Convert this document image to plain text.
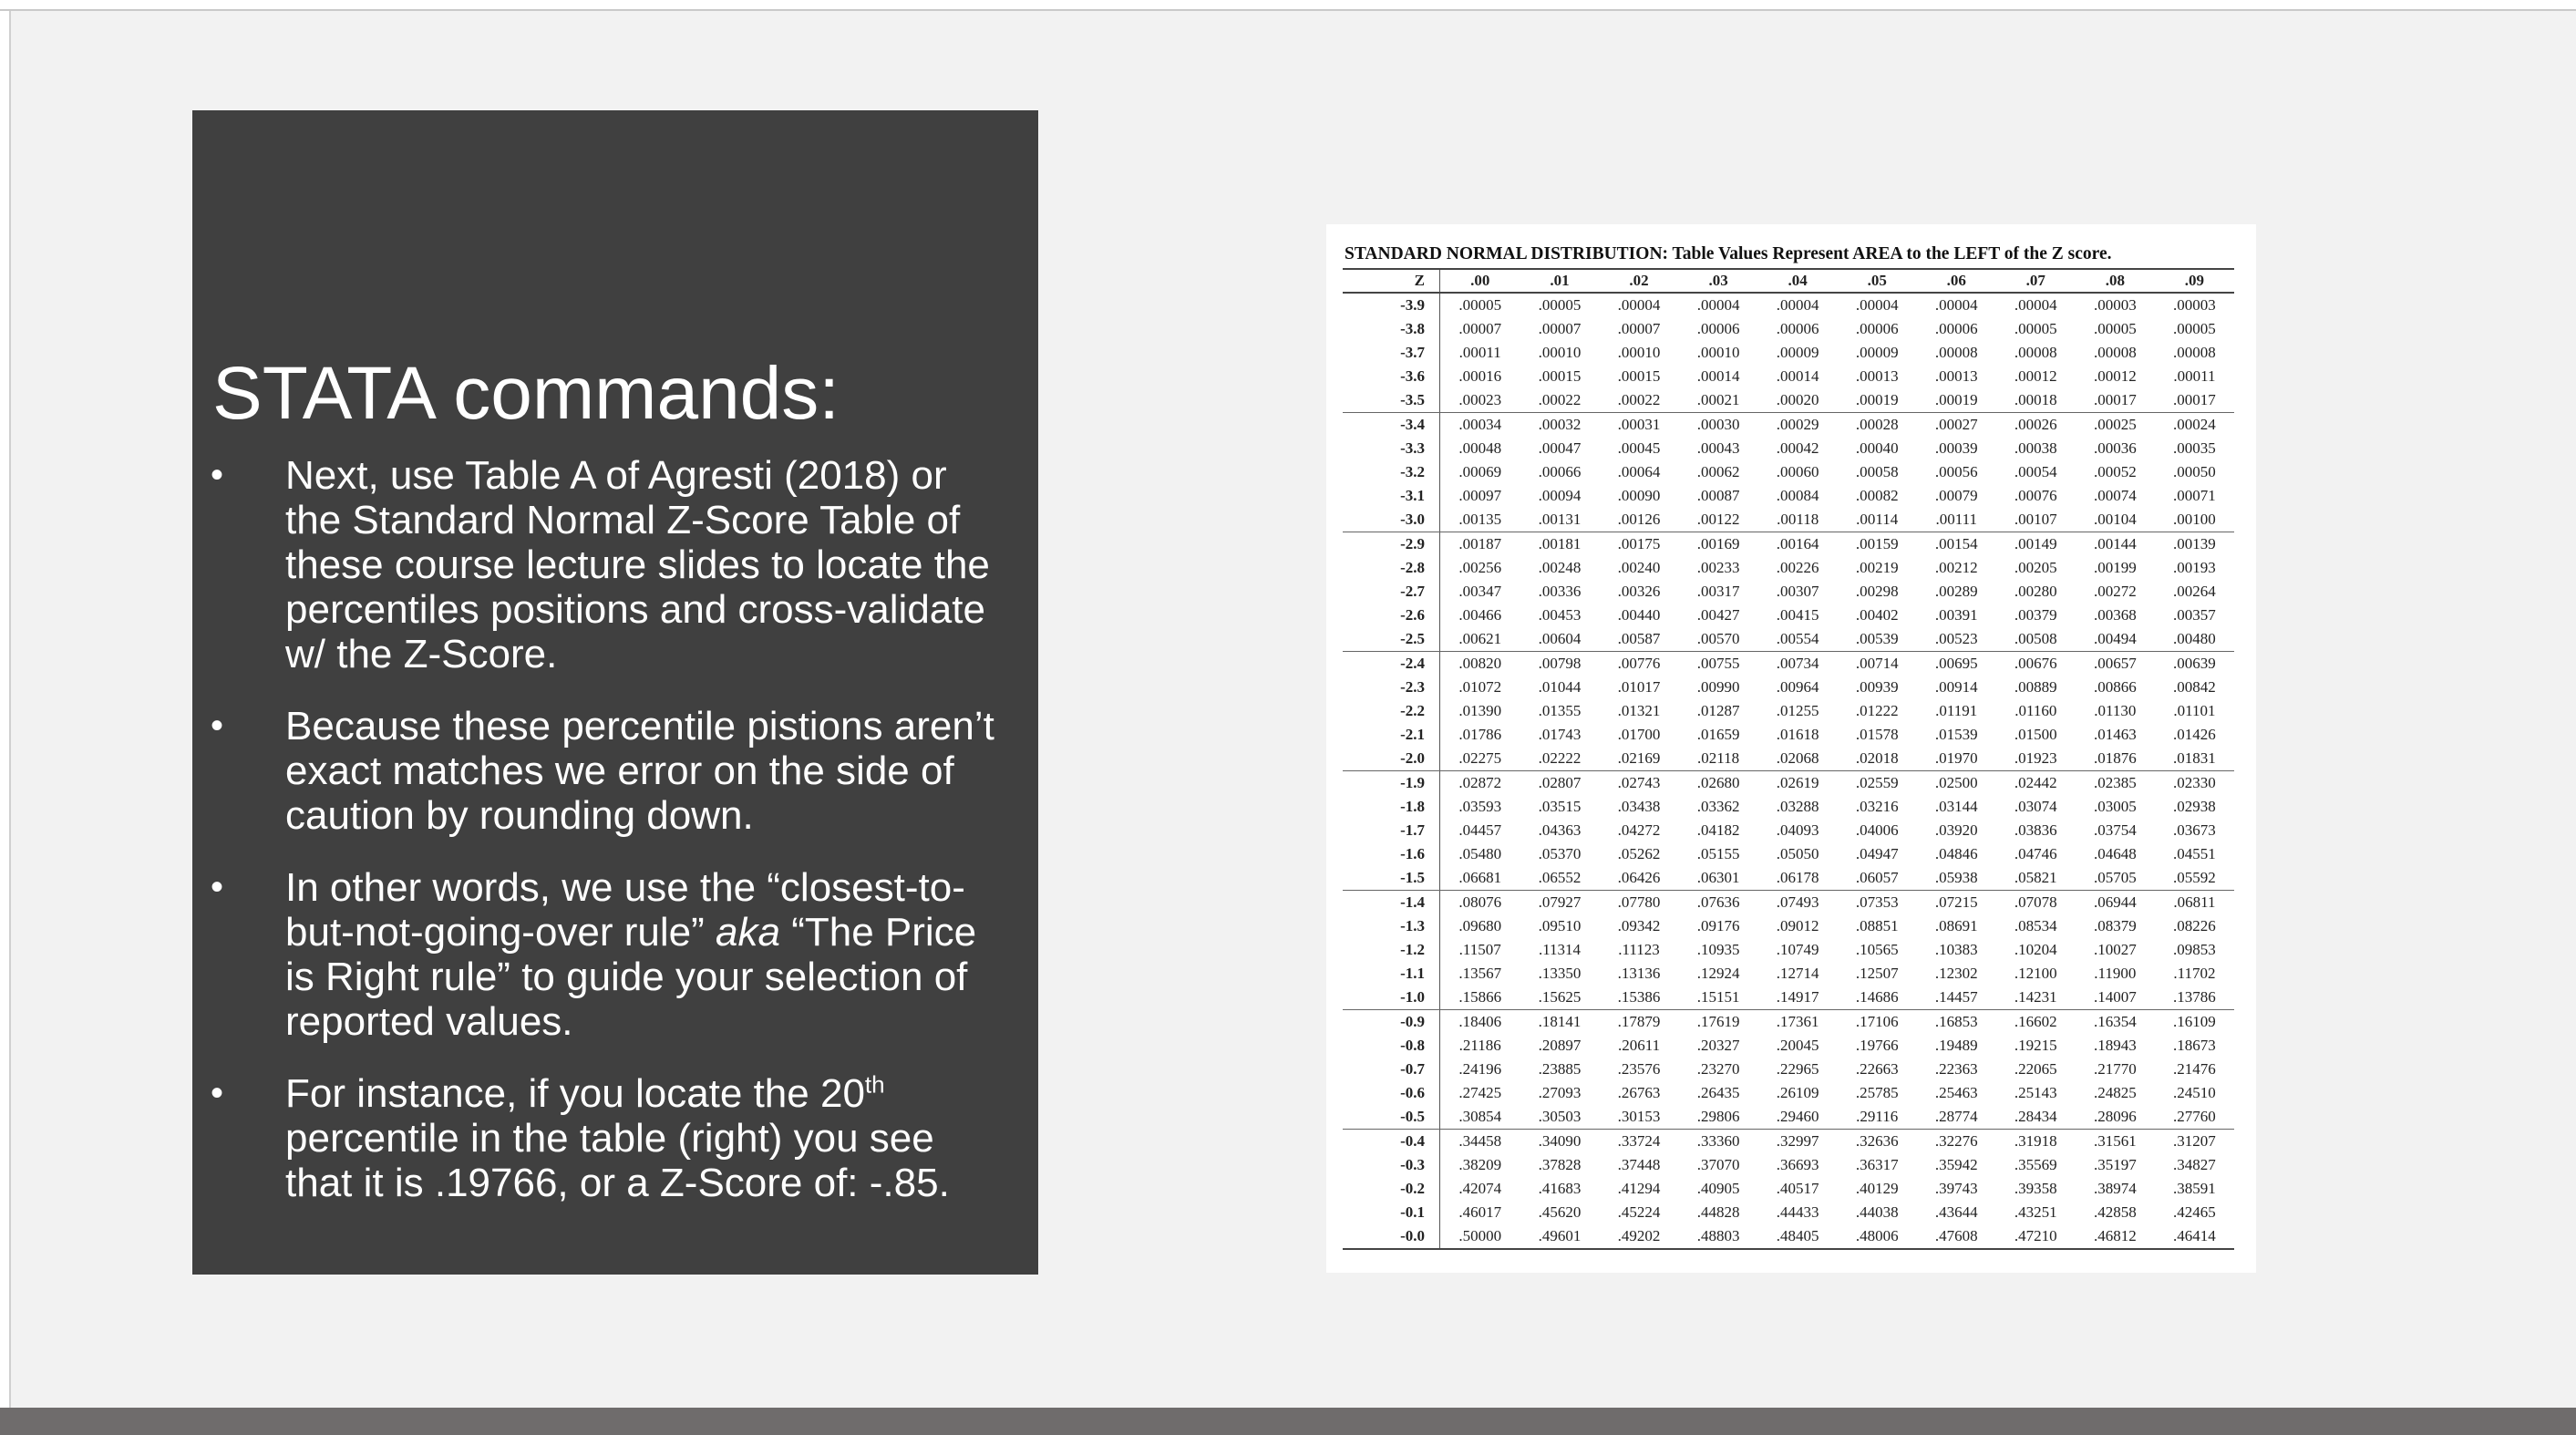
STATA commands:
• Next, use Table A of Agresti (2018) or the Standard Normal Z-Score Table of these course lecture slides to locate the percentiles positions and cross-validate w/ the Z-Score.
• Because these percentile pistions aren’t exact matches we error on the side of caution by rounding down.
• In other words, we use the “closest-to-but-not-going-over rule” aka “The Price is Right rule” to guide your selection of reported values.
• For instance, if you locate the 20th percentile in the table (right) you see that it is .19766, or a Z-Score of: -.85.
STANDARD NORMAL DISTRIBUTION: Table Values Represent AREA to the LEFT of the Z score.
Z	.00	.01	.02	.03	.04	.05	.06	.07	.08	.09
-3.9	.00005	.00005	.00004	.00004	.00004	.00004	.00004	.00004	.00003	.00003
-3.8	.00007	.00007	.00007	.00006	.00006	.00006	.00006	.00005	.00005	.00005
-3.7	.00011	.00010	.00010	.00010	.00009	.00009	.00008	.00008	.00008	.00008
-3.6	.00016	.00015	.00015	.00014	.00014	.00013	.00013	.00012	.00012	.00011
-3.5	.00023	.00022	.00022	.00021	.00020	.00019	.00019	.00018	.00017	.00017
-3.4	.00034	.00032	.00031	.00030	.00029	.00028	.00027	.00026	.00025	.00024
-3.3	.00048	.00047	.00045	.00043	.00042	.00040	.00039	.00038	.00036	.00035
-3.2	.00069	.00066	.00064	.00062	.00060	.00058	.00056	.00054	.00052	.00050
-3.1	.00097	.00094	.00090	.00087	.00084	.00082	.00079	.00076	.00074	.00071
-3.0	.00135	.00131	.00126	.00122	.00118	.00114	.00111	.00107	.00104	.00100
-2.9	.00187	.00181	.00175	.00169	.00164	.00159	.00154	.00149	.00144	.00139
-2.8	.00256	.00248	.00240	.00233	.00226	.00219	.00212	.00205	.00199	.00193
-2.7	.00347	.00336	.00326	.00317	.00307	.00298	.00289	.00280	.00272	.00264
-2.6	.00466	.00453	.00440	.00427	.00415	.00402	.00391	.00379	.00368	.00357
-2.5	.00621	.00604	.00587	.00570	.00554	.00539	.00523	.00508	.00494	.00480
-2.4	.00820	.00798	.00776	.00755	.00734	.00714	.00695	.00676	.00657	.00639
-2.3	.01072	.01044	.01017	.00990	.00964	.00939	.00914	.00889	.00866	.00842
-2.2	.01390	.01355	.01321	.01287	.01255	.01222	.01191	.01160	.01130	.01101
-2.1	.01786	.01743	.01700	.01659	.01618	.01578	.01539	.01500	.01463	.01426
-2.0	.02275	.02222	.02169	.02118	.02068	.02018	.01970	.01923	.01876	.01831
-1.9	.02872	.02807	.02743	.02680	.02619	.02559	.02500	.02442	.02385	.02330
-1.8	.03593	.03515	.03438	.03362	.03288	.03216	.03144	.03074	.03005	.02938
-1.7	.04457	.04363	.04272	.04182	.04093	.04006	.03920	.03836	.03754	.03673
-1.6	.05480	.05370	.05262	.05155	.05050	.04947	.04846	.04746	.04648	.04551
-1.5	.06681	.06552	.06426	.06301	.06178	.06057	.05938	.05821	.05705	.05592
-1.4	.08076	.07927	.07780	.07636	.07493	.07353	.07215	.07078	.06944	.06811
-1.3	.09680	.09510	.09342	.09176	.09012	.08851	.08691	.08534	.08379	.08226
-1.2	.11507	.11314	.11123	.10935	.10749	.10565	.10383	.10204	.10027	.09853
-1.1	.13567	.13350	.13136	.12924	.12714	.12507	.12302	.12100	.11900	.11702
-1.0	.15866	.15625	.15386	.15151	.14917	.14686	.14457	.14231	.14007	.13786
-0.9	.18406	.18141	.17879	.17619	.17361	.17106	.16853	.16602	.16354	.16109
-0.8	.21186	.20897	.20611	.20327	.20045	.19766	.19489	.19215	.18943	.18673
-0.7	.24196	.23885	.23576	.23270	.22965	.22663	.22363	.22065	.21770	.21476
-0.6	.27425	.27093	.26763	.26435	.26109	.25785	.25463	.25143	.24825	.24510
-0.5	.30854	.30503	.30153	.29806	.29460	.29116	.28774	.28434	.28096	.27760
-0.4	.34458	.34090	.33724	.33360	.32997	.32636	.32276	.31918	.31561	.31207
-0.3	.38209	.37828	.37448	.37070	.36693	.36317	.35942	.35569	.35197	.34827
-0.2	.42074	.41683	.41294	.40905	.40517	.40129	.39743	.39358	.38974	.38591
-0.1	.46017	.45620	.45224	.44828	.44433	.44038	.43644	.43251	.42858	.42465
-0.0	.50000	.49601	.49202	.48803	.48405	.48006	.47608	.47210	.46812	.46414
